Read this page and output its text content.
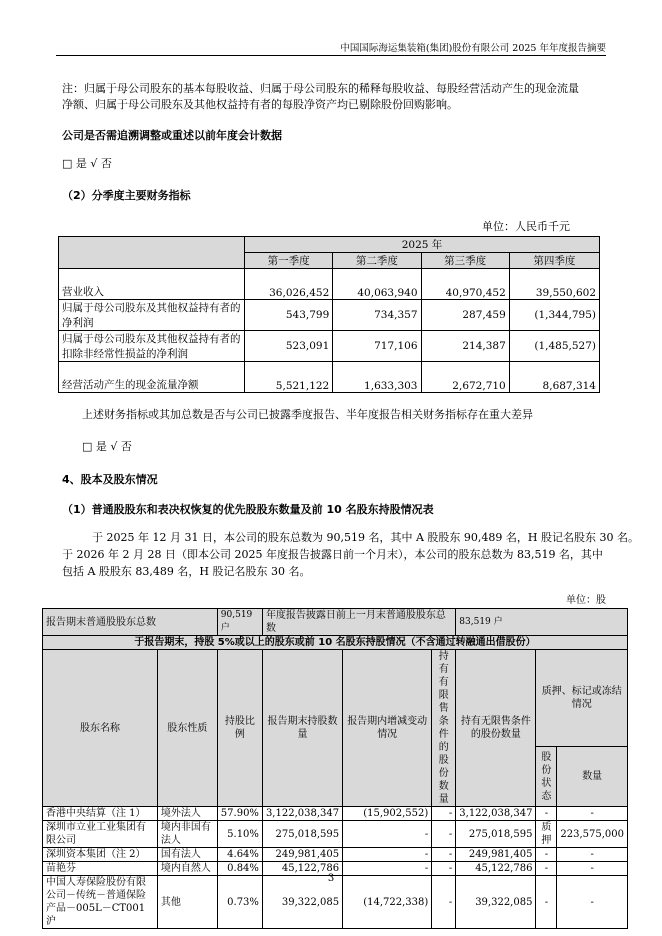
中国国际海运集装箱(集团)股份有限公司 2025 年年度报告摘要
注：归属于母公司股东的基本每股收益、归属于母公司股东的稀释每股收益、每股经营活动产生的现金流量
净额、归属于母公司股东及其他权益持有者的每股净资产均已剔除股份回购影响。
公司是否需追溯调整或重述以前年度会计数据
□ 是 √ 否
（2）分季度主要财务指标
单位：人民币千元
	2025 年			
	第一季度	第二季度	第三季度	第四季度
营业收入	36,026,452	40,063,940	40,970,452	39,550,602
归属于母公司股东及其他权益持有者的净利润	543,799	734,357	287,459	(1,344,795)
归属于母公司股东及其他权益持有者的扣除非经常性损益的净利润	523,091	717,106	214,387	(1,485,527)
经营活动产生的现金流量净额	5,521,122	1,633,303	2,672,710	8,687,314
上述财务指标或其加总数是否与公司已披露季度报告、半年度报告相关财务指标存在重大差异
□ 是 √ 否
4、股本及股东情况
（1）普通股股东和表决权恢复的优先股股东数量及前 10 名股东持股情况表
于 2025 年 12 月 31 日，本公司的股东总数为 90,519 名，其中 A 股股东 90,489 名，H 股记名股东 30 名。
于 2026 年 2 月 28 日（即本公司 2025 年度报告披露日前一个月末），本公司的股东总数为 83,519 名，其中
包括 A 股股东 83,489 名，H 股记名股东 30 名。
单位：股
报告期末普通股股东总数		90,519 户	年度报告披露日前上一月末普通股股东总数			83,519 户		
于报告期末，持股 5%或以上的股东或前 10 名股东持股情况（不含通过转融通出借股份）								
股东名称	股东性质	持股比例	报告期末持股数量	报告期内增减变动情况	持有有限售条件的股份数量	持有无限售条件的股份数量	质押、标记或冻结情况	
							股份状态	数量
香港中央结算（注 1）	境外法人	57.90%	3,122,038,347	(15,902,552)	-	3,122,038,347	-	-
深圳市立业工业集团有限公司	境内非国有法人	5.10%	275,018,595	-	-	275,018,595	质押	223,575,000
深圳资本集团（注 2）	国有法人	4.64%	249,981,405	-	-	249,981,405	-	-
苗艳芬	境内自然人	0.84%	45,122,786	-	-	45,122,786	-	-
中国人寿保险股份有限公司－传统－普通保险产品－005L－CT001 沪	其他	0.73%	39,322,085	(14,722,338)	-	39,322,085	-	-
3
